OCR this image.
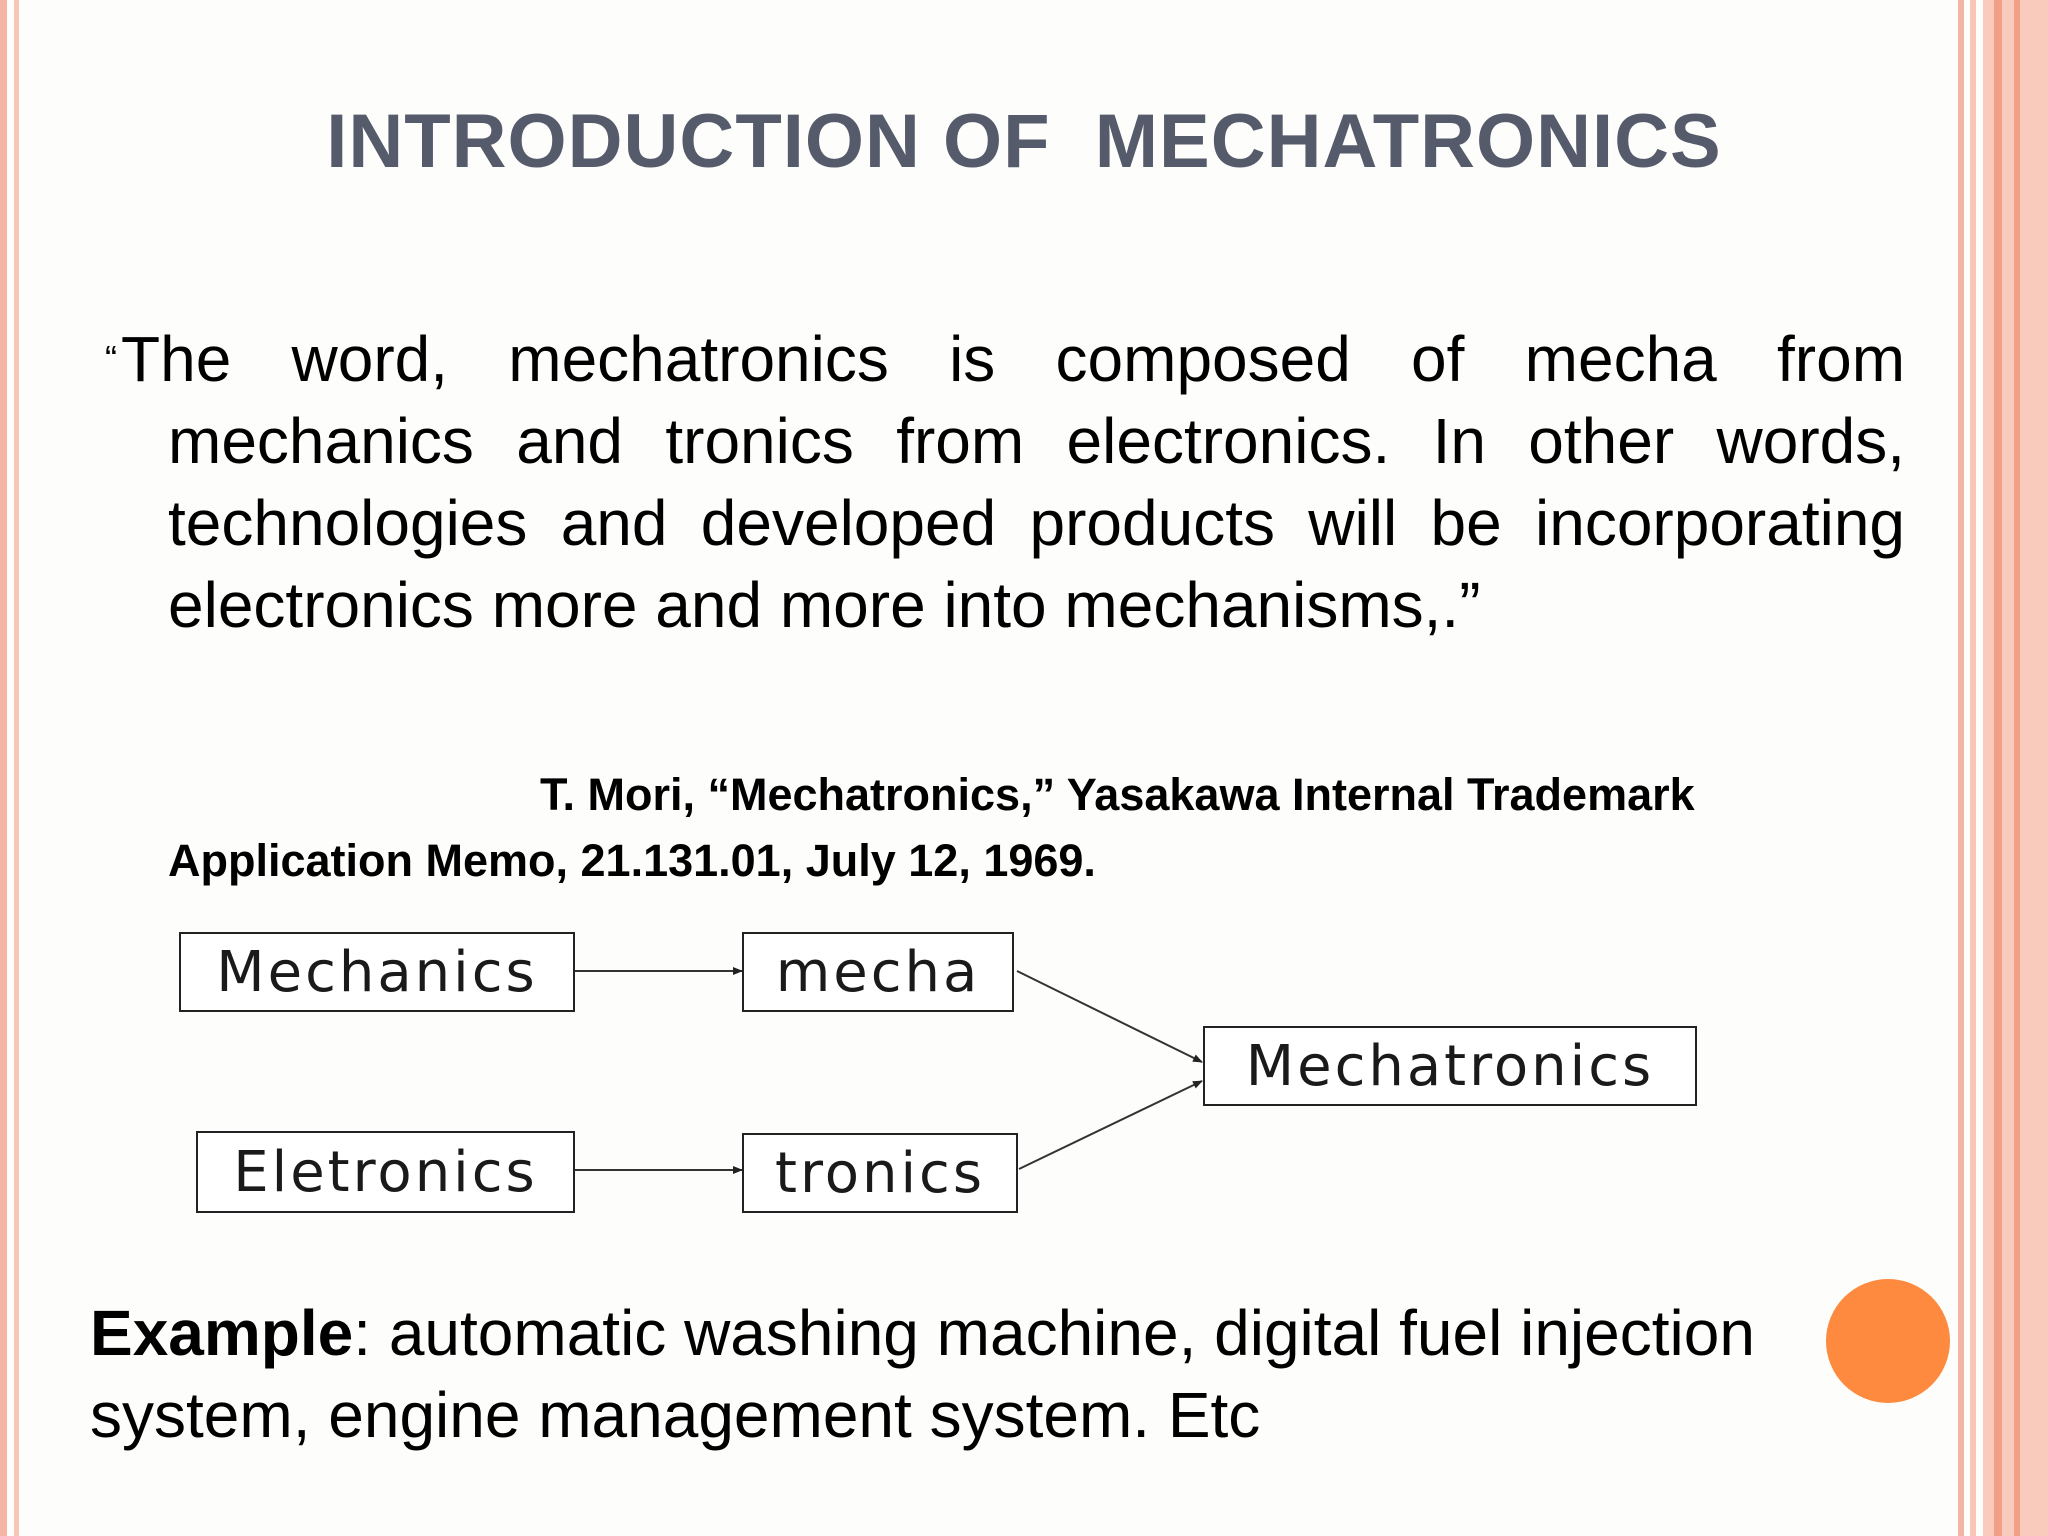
INTRODUCTION OF  MECHATRONICS
“The word, mechatronics is composed of mecha from mechanics and tronics from electronics. In other words, technologies and developed products will be incorporating electronics more and more into mechanisms,.”
T. Mori, “Mechatronics,” Yasakawa Internal Trademark Application Memo, 21.131.01, July 12, 1969.
Mechanics	mecha
Eletronics	tronics
Mechatronics
Example: automatic washing machine, digital fuel injection system, engine management system. Etc
